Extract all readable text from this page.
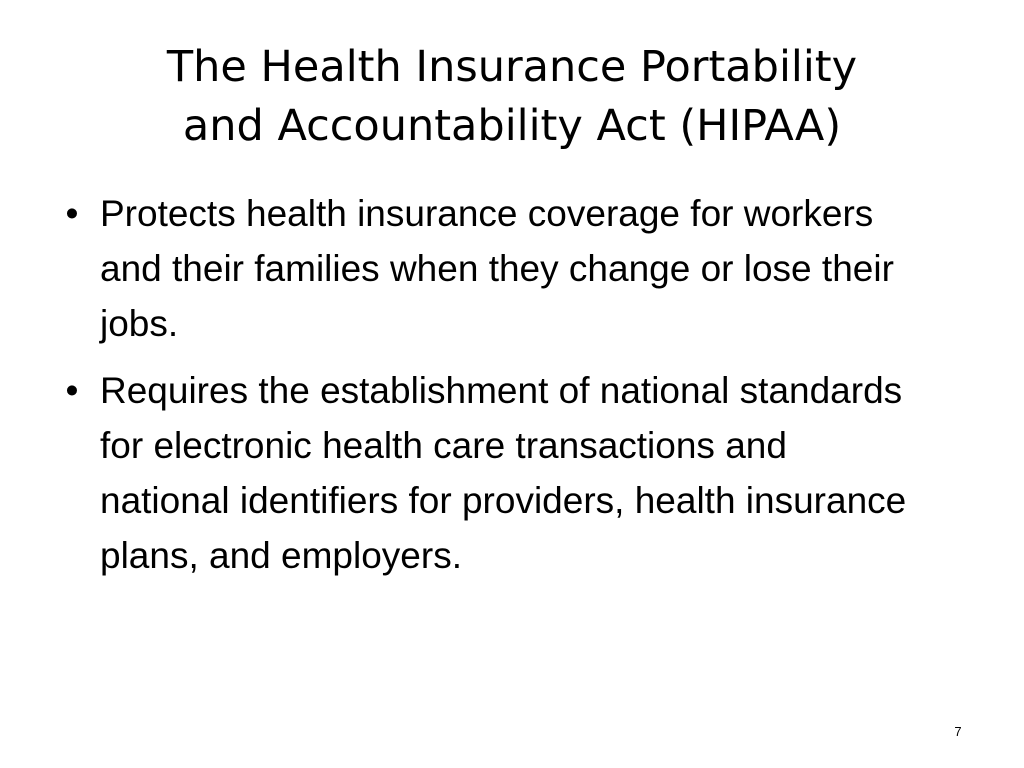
The Health Insurance Portability
and Accountability Act (HIPAA)
• Protects health insurance coverage for workers and their families when they change or lose their jobs.
• Requires the establishment of national standards for electronic health care transactions and national identifiers for providers, health insurance plans, and employers.
7
